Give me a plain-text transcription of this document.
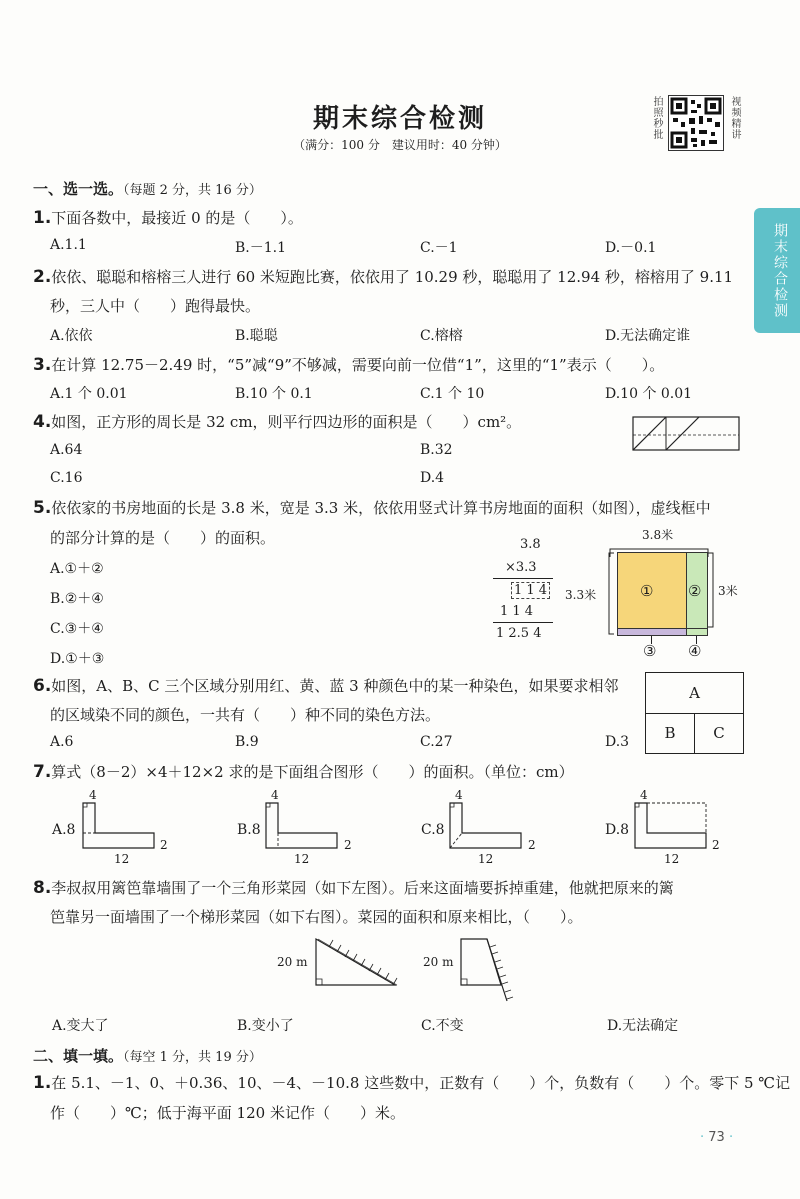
期末综合检测
（满分：100 分　建议用时：40 分钟）
拍照秒批	视频精讲
期末综合检测
一、选一选。（每题 2 分，共 16 分）
1.下面各数中，最接近 0 的是（　　）。
A.1.1	B.－1.1	C.－1	D.－0.1
2.依依、聪聪和榕榕三人进行 60 米短跑比赛，依依用了 10.29 秒，聪聪用了 12.94 秒，榕榕用了 9.11
秒，三人中（　　）跑得最快。
A.依依	B.聪聪	C.榕榕	D.无法确定谁
3.在计算 12.75－2.49 时，“5”减“9”不够减，需要向前一位借“1”，这里的“1”表示（　　）。
A.1 个 0.01	B.10 个 0.1	C.1 个 10	D.10 个 0.01
4.如图，正方形的周长是 32 cm，则平行四边形的面积是（　　）cm²。
A.64	B.32
C.16	D.4
5.依依家的书房地面的长是 3.8 米，宽是 3.3 米，依依用竖式计算书房地面的面积（如图），虚线框中
的部分计算的是（　　）的面积。
A.①＋②
B.②＋④
C.③＋④
D.①＋③
3.8
×3.3
1 1 4
1 1 4
1 2.5 4
3.8米
3.3米	3米
① ②
③ ④
6.如图，A、B、C 三个区域分别用红、黄、蓝 3 种颜色中的某一种染色，如果要求相邻
的区域染不同的颜色，一共有（　　）种不同的染色方法。
A.6	B.9	C.27	D.3
A
B	C
7.算式（8－2）×4＋12×2 求的是下面组合图形（　　）的面积。（单位：cm）
A.8
4
2
12
B.8
4
2
12
C.8
4
2
12
D.8
4
2
12
8.李叔叔用篱笆靠墙围了一个三角形菜园（如下左图）。后来这面墙要拆掉重建，他就把原来的篱
笆靠另一面墙围了一个梯形菜园（如下右图）。菜园的面积和原来相比，（　　）。
20 m	20 m
A.变大了	B.变小了	C.不变	D.无法确定
二、填一填。（每空 1 分，共 19 分）
1.在 5.1、－1、0、＋0.36、10、－4、－10.8 这些数中，正数有（　　）个，负数有（　　）个。零下 5 ℃记
作（　　）℃；低于海平面 120 米记作（　　）米。
· 73 ·
